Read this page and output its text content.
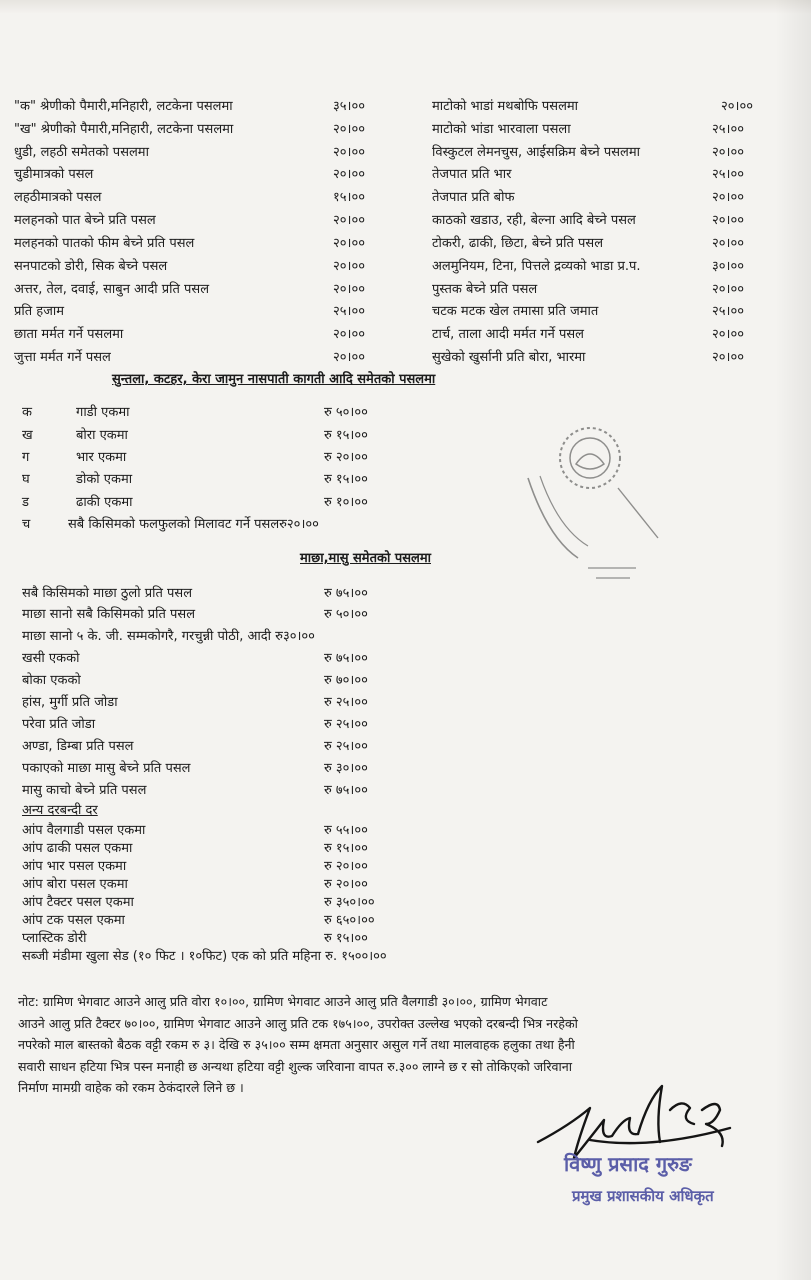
"क" श्रेणीको पैमारी,मनिहारी, लटकेना पसलमा	३५।००	माटोको भाडां मथबोफि पसलमा	२०।००
"ख" श्रेणीको पैमारी,मनिहारी, लटकेना पसलमा	२०।००	माटोको भांडा भारवाला पसला	२५।००
धुडी, लहठी समेतको पसलमा	२०।००	विस्कुटल लेमनचुस, आईसक्रिम बेच्ने पसलमा	२०।००
चुडीमात्रको पसल	२०।००	तेजपात प्रति भार	२५।००
लहठीमात्रको पसल	१५।००	तेजपात प्रति बोफ	२०।००
मलहनको पात बेच्ने प्रति पसल	२०।००	काठको खडाउ, रही, बेल्ना आदि बेच्ने पसल	२०।००
मलहनको पातको फीम बेच्ने प्रति पसल	२०।००	टोकरी, ढाकी, छिटा, बेच्ने प्रति पसल	२०।००
सनपाटको डोरी, सिक बेच्ने पसल	२०।००	अलमुनियम, टिना, पित्तले द्रव्यको भाडा प्र.प.	३०।००
अत्तर, तेल, दवाई, साबुन आदी प्रति पसल	२०।००	पुस्तक बेच्ने प्रति पसल	२०।००
प्रति हजाम	२५।००	चटक मटक खेल तमासा प्रति जमात	२५।००
छाता मर्मत गर्ने पसलमा	२०।००	टार्च, ताला आदी मर्मत गर्ने पसल	२०।००
जुत्ता मर्मत गर्ने पसल	२०।००	सुखेको खुर्सानी प्रति बोरा, भारमा	२०।००
सुन्तला, कटहर, केरा जामुन नासपाती कागती आदि समेतको पसलमा
क	गाडी एकमा	रु ५०।००
ख	बोरा एकमा	रु १५।००
ग	भार एकमा	रु २०।००
घ	डोको एकमा	रु १५।००
ड	ढाकी एकमा	रु १०।००
च	सबै किसिमको फलफुलको मिलावट गर्ने पसलरु२०।००
माछा,मासु समेतको पसलमा
सबै किसिमको माछा ठुलो प्रति पसल	रु ७५।००
माछा सानो सबै किसिमको प्रति पसल	रु ५०।००
माछा सानो ५ के. जी. सम्मकोगरै, गरचुन्नी पोठी, आदी रु३०।००
खसी एकको	रु ७५।००
बोका एकको	रु ७०।००
हांस, मुर्गी प्रति जोडा	रु २५।००
परेवा प्रति जोडा	रु २५।००
अण्डा, डिम्बा प्रति पसल	रु २५।००
पकाएको माछा मासु बेच्ने प्रति पसल	रु ३०।००
मासु काचो बेच्ने प्रति पसल	रु ७५।००
अन्य दरबन्दी दर
आंप वैलगाडी पसल एकमा	रु ५५।००
आंप ढाकी पसल एकमा	रु १५।००
आंप भार पसल एकमा	रु २०।००
आंप बोरा पसल एकमा	रु २०।००
आंप टैक्टर पसल एकमा	रु ३५०।००
आंप टक पसल एकमा	रु ६५०।००
प्लास्टिक डोरी	रु १५।००
सब्जी मंडीमा खुला सेड (१० फिट । १०फिट) एक को प्रति महिना रु. १५००।००
नोट: ग्रामिण भेगवाट आउने आलु प्रति वोरा १०।००, ग्रामिण भेगवाट आउने आलु प्रति वैलगाडी ३०।००, ग्रामिण भेगवाट
आउने आलु प्रति टैक्टर ७०।००, ग्रामिण भेगवाट आउने आलु प्रति टक १७५।००, उपरोक्त उल्लेख भएको दरबन्दी भित्र नरहेको
नपरेको माल बास्तको बैठक वट्टी रकम रु ३। देखि रु ३५।०० सम्म क्षमता अनुसार असुल गर्ने तथा मालवाहक हलुका तथा हैनी
सवारी साधन हटिया भित्र पस्न मनाही छ अन्यथा हटिया वट्टी शुल्क जरिवाना वापत रु.३०० लाग्ने छ र सो तोकिएको जरिवाना
निर्माण मामग्री वाहेक को रकम ठेकंदारले लिने छ ।
विष्णु प्रसाद गुरुङ
प्रमुख प्रशासकीय अधिकृत
